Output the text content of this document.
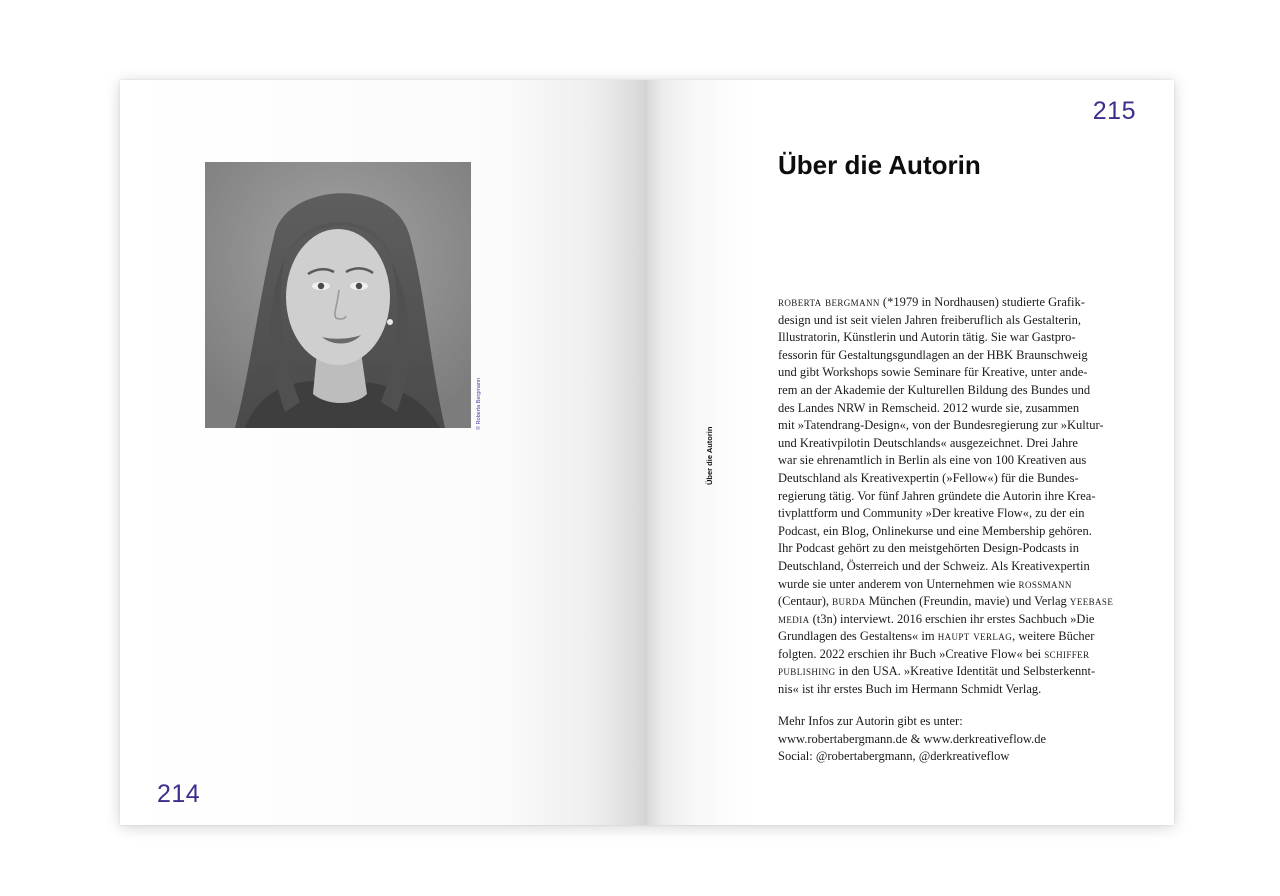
214
215
© Roberta Bergmann
Über die Autorin
Über die Autorin
roberta bergmann (*1979 in Nordhausen) studierte Grafik-
design und ist seit vielen Jahren freiberuflich als Gestalterin,
Illustratorin, Künstlerin und Autorin tätig. Sie war Gastpro-
fessorin für Gestaltungsgundlagen an der HBK Braunschweig
und gibt Workshops sowie Seminare für Kreative, unter ande-
rem an der Akademie der Kulturellen Bildung des Bundes und
des Landes NRW in Remscheid. 2012 wurde sie, zusammen
mit »Tatendrang-Design«, von der Bundesregierung zur »Kultur-
und Kreativpilotin Deutschlands« ausgezeichnet. Drei Jahre
war sie ehrenamtlich in Berlin als eine von 100 Kreativen aus
Deutschland als Kreativexpertin (»Fellow«) für die Bundes-
regierung tätig. Vor fünf Jahren gründete die Autorin ihre Krea-
tivplattform und Community »Der kreative Flow«, zu der ein
Podcast, ein Blog, Onlinekurse und eine Membership gehören.
Ihr Podcast gehört zu den meistgehörten Design-Podcasts in
Deutschland, Österreich und der Schweiz. Als Kreativexpertin
wurde sie unter anderem von Unternehmen wie rossmann
(Centaur), burda München (Freundin, mavie) und Verlag yeebase
media (t3n) interviewt. 2016 erschien ihr erstes Sachbuch »Die
Grundlagen des Gestaltens« im haupt verlag, weitere Bücher
folgten. 2022 erschien ihr Buch »Creative Flow« bei schiffer
publishing in den USA. »Kreative Identität und Selbsterkennt-
nis« ist ihr erstes Buch im Hermann Schmidt Verlag.
Mehr Infos zur Autorin gibt es unter:
www.robertabergmann.de & www.derkreativeflow.de
Social: @robertabergmann, @derkreativeflow
